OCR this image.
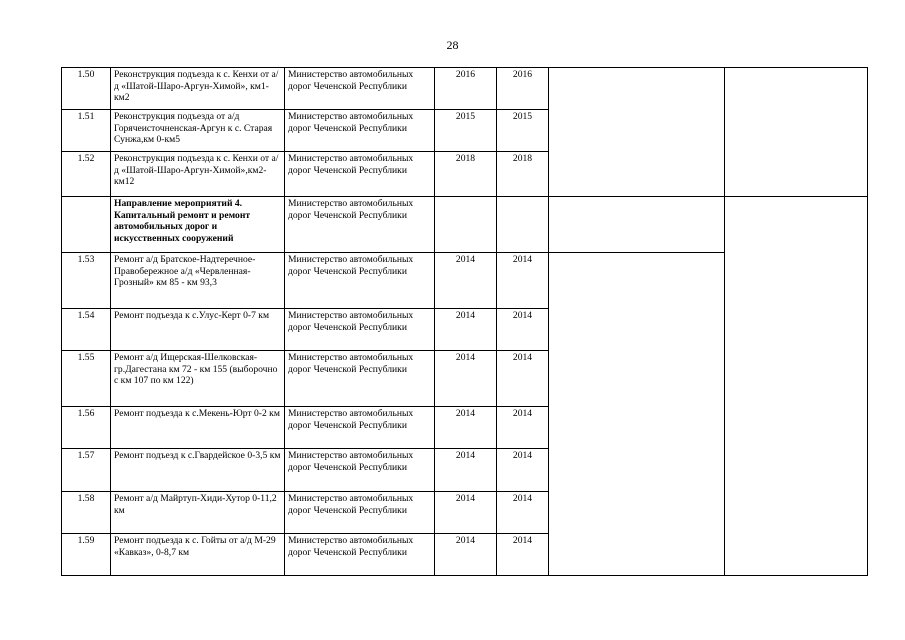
28
1.50	Реконструкция подъезда к с. Кенхи от а/д «Шатой-Шаро-Аргун-Химой», км1-км2	Министерство автомобильных дорог Чеченской Республики	2016	2016		
1.51	Реконструкция подъезда от а/д Горячеисточненская-Аргун к с. Старая Сунжа,км 0-км5	Министерство автомобильных дорог Чеченской Республики	2015	2015		
1.52	Реконструкция подъезда к с. Кенхи от а/д «Шатой-Шаро-Аргун-Химой»,км2-км12	Министерство автомобильных дорог Чеченской Республики	2018	2018		
	Направление мероприятий 4. Капитальный ремонт и ремонт автомобильных дорог и искусственных сооружений	Министерство автомобильных дорог Чеченской Республики				
1.53	Ремонт а/д Братское-Надтеречное-Правобережное а/д «Червленная-Грозный» км 85 - км 93,3	Министерство автомобильных дорог Чеченской Республики	2014	2014		
1.54	Ремонт подъезда к с.Улус-Керт 0-7 км	Министерство автомобильных дорог Чеченской Республики	2014	2014		
1.55	Ремонт а/д Ищерская-Шелковская-гр.Дагестана км 72 - км 155 (выборочно с км 107 по км 122)	Министерство автомобильных дорог Чеченской Республики	2014	2014		
1.56	Ремонт подъезда к с.Мекень-Юрт 0-2 км	Министерство автомобильных дорог Чеченской Республики	2014	2014		
1.57	Ремонт подъезд к с.Гвардейское 0-3,5 км	Министерство автомобильных дорог Чеченской Республики	2014	2014		
1.58	Ремонт а/д Майртуп-Хиди-Хутор 0-11,2 км	Министерство автомобильных дорог Чеченской Республики	2014	2014		
1.59	Ремонт подъезда к с. Гойты от а/д М-29 «Кавказ», 0-8,7 км	Министерство автомобильных дорог Чеченской Республики	2014	2014		
